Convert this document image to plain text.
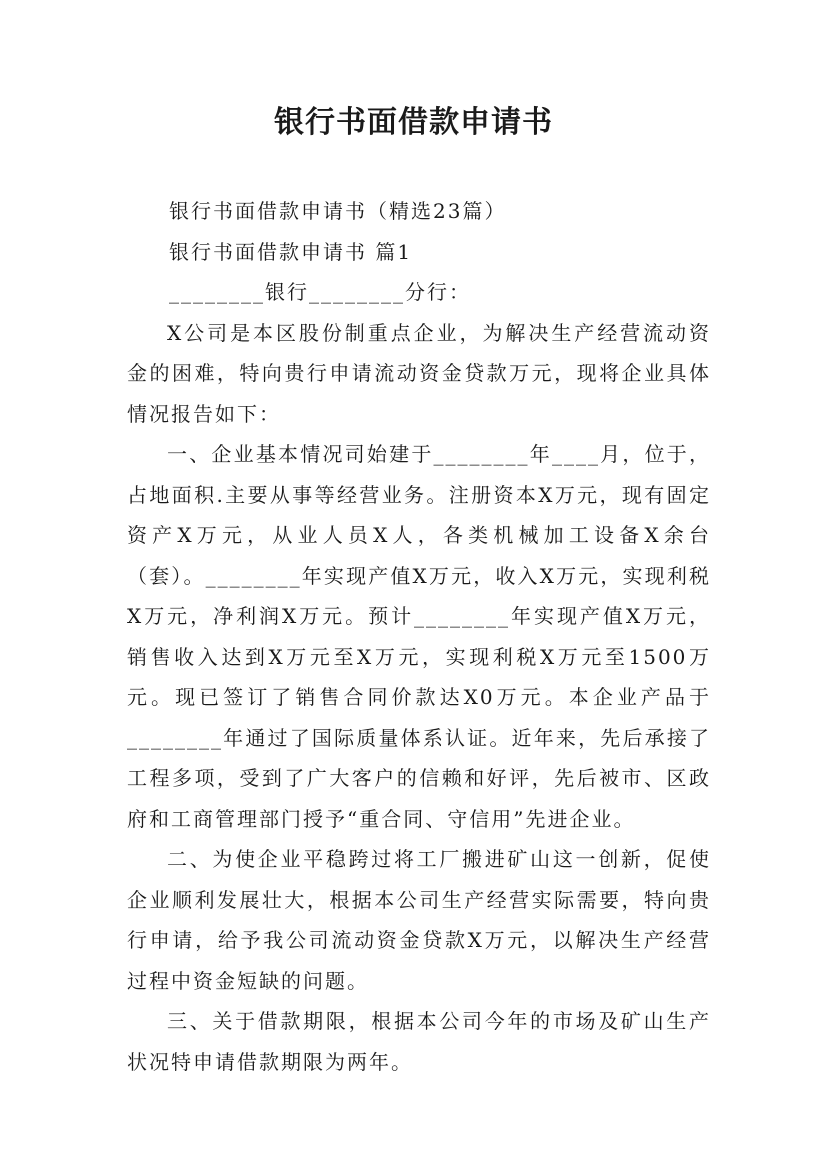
银行书面借款申请书

银行书面借款申请书（精选23篇）

银行书面借款申请书 篇1

________银行________分行：

X公司是本区股份制重点企业，为解决生产经营流动资金的困难，特向贵行申请流动资金贷款万元，现将企业具体情况报告如下：

一、企业基本情况司始建于________年____月，位于，占地面积.主要从事等经营业务。注册资本X万元，现有固定资产X万元，从业人员X人，各类机械加工设备X余台（套）。________年实现产值X万元，收入X万元，实现利税X万元，净利润X万元。预计________年实现产值X万元，销售收入达到X万元至X万元，实现利税X万元至1500万元。现已签订了销售合同价款达X0万元。本企业产品于________年通过了国际质量体系认证。近年来，先后承接了工程多项，受到了广大客户的信赖和好评，先后被市、区政府和工商管理部门授予“重合同、守信用”先进企业。

二、为使企业平稳跨过将工厂搬进矿山这一创新，促使企业顺利发展壮大，根据本公司生产经营实际需要，特向贵行申请，给予我公司流动资金贷款X万元，以解决生产经营过程中资金短缺的问题。

三、关于借款期限，根据本公司今年的市场及矿山生产状况特申请借款期限为两年。
